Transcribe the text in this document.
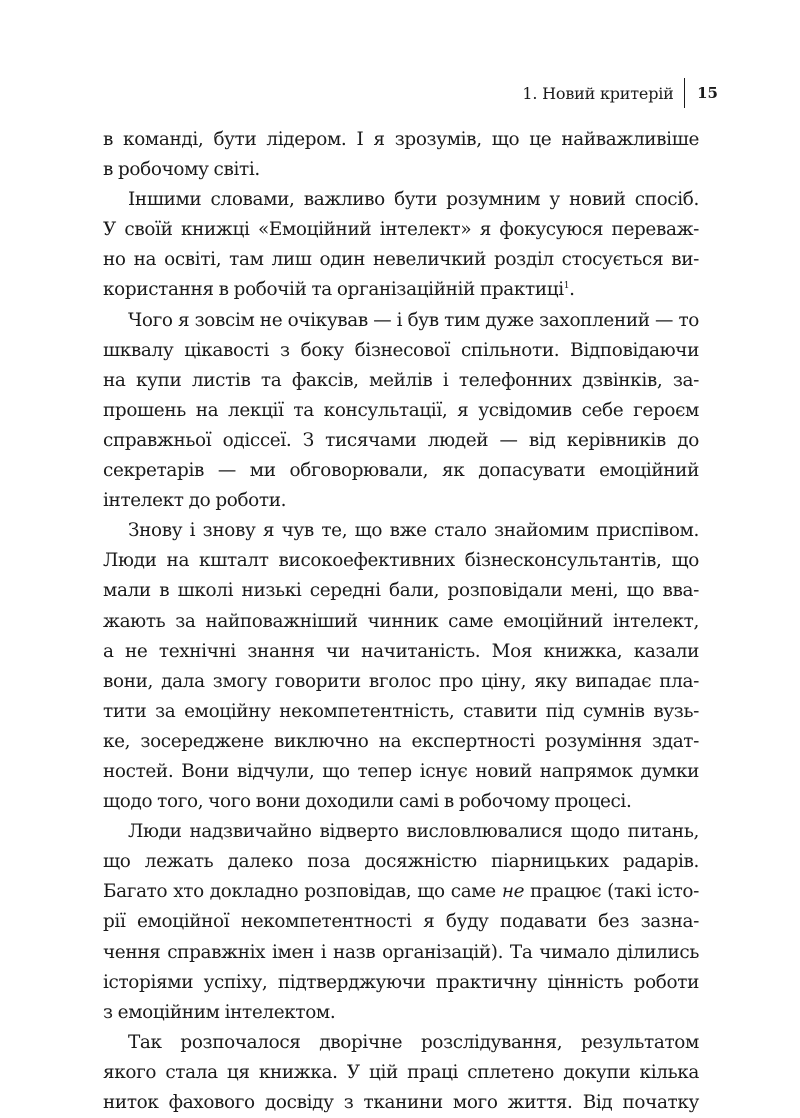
1. Новий критерій	15
в команді, бути лідером. І я зрозумів, що це найважливіше
в робочому світі.
Іншими словами, важливо бути розумним у новий спосіб.
У своїй книжці «Емоційний інтелект» я фокусуюся переваж-
но на освіті, там лиш один невеличкий розділ стосується ви-
користання в робочій та організаційній практиці$^1$.
Чого я зовсім не очікував — і був тим дуже захоплений — то
шквалу цікавості з боку бізнесової спільноти. Відповідаючи
на купи листів та факсів, мейлів і телефонних дзвінків, за-
прошень на лекції та консультації, я усвідомив себе героєм
справжньої одіссеї. З тисячами людей — від керівників до
секретарів — ми обговорювали, як допасувати емоційний
інтелект до роботи.
Знову і знову я чув те, що вже стало знайомим приспівом.
Люди на кшталт високоефективних бізнесконсультантів, що
мали в школі низькі середні бали, розповідали мені, що вва-
жають за найповажніший чинник саме емоційний інтелект,
а не технічні знання чи начитаність. Моя книжка, казали
вони, дала змогу говорити вголос про ціну, яку випадає пла-
тити за емоційну некомпетентність, ставити під сумнів вузь-
ке, зосереджене виключно на експертності розуміння здат-
ностей. Вони відчули, що тепер існує новий напрямок думки
щодо того, чого вони доходили самі в робочому процесі.
Люди надзвичайно відверто висловлювалися щодо питань,
що лежать далеко поза досяжністю піарницьких радарів.
Багато хто докладно розповідав, що саме не працює (такі істо-
рії емоційної некомпетентності я буду подавати без зазна-
чення справжніх імен і назв організацій). Та чимало ділились
історіями успіху, підтверджуючи практичну цінність роботи
з емоційним інтелектом.
Так розпочалося дворічне розслідування, результатом
якого стала ця книжка. У цій праці сплетено докупи кілька
ниток фахового досвіду з тканини мого життя. Від початку
